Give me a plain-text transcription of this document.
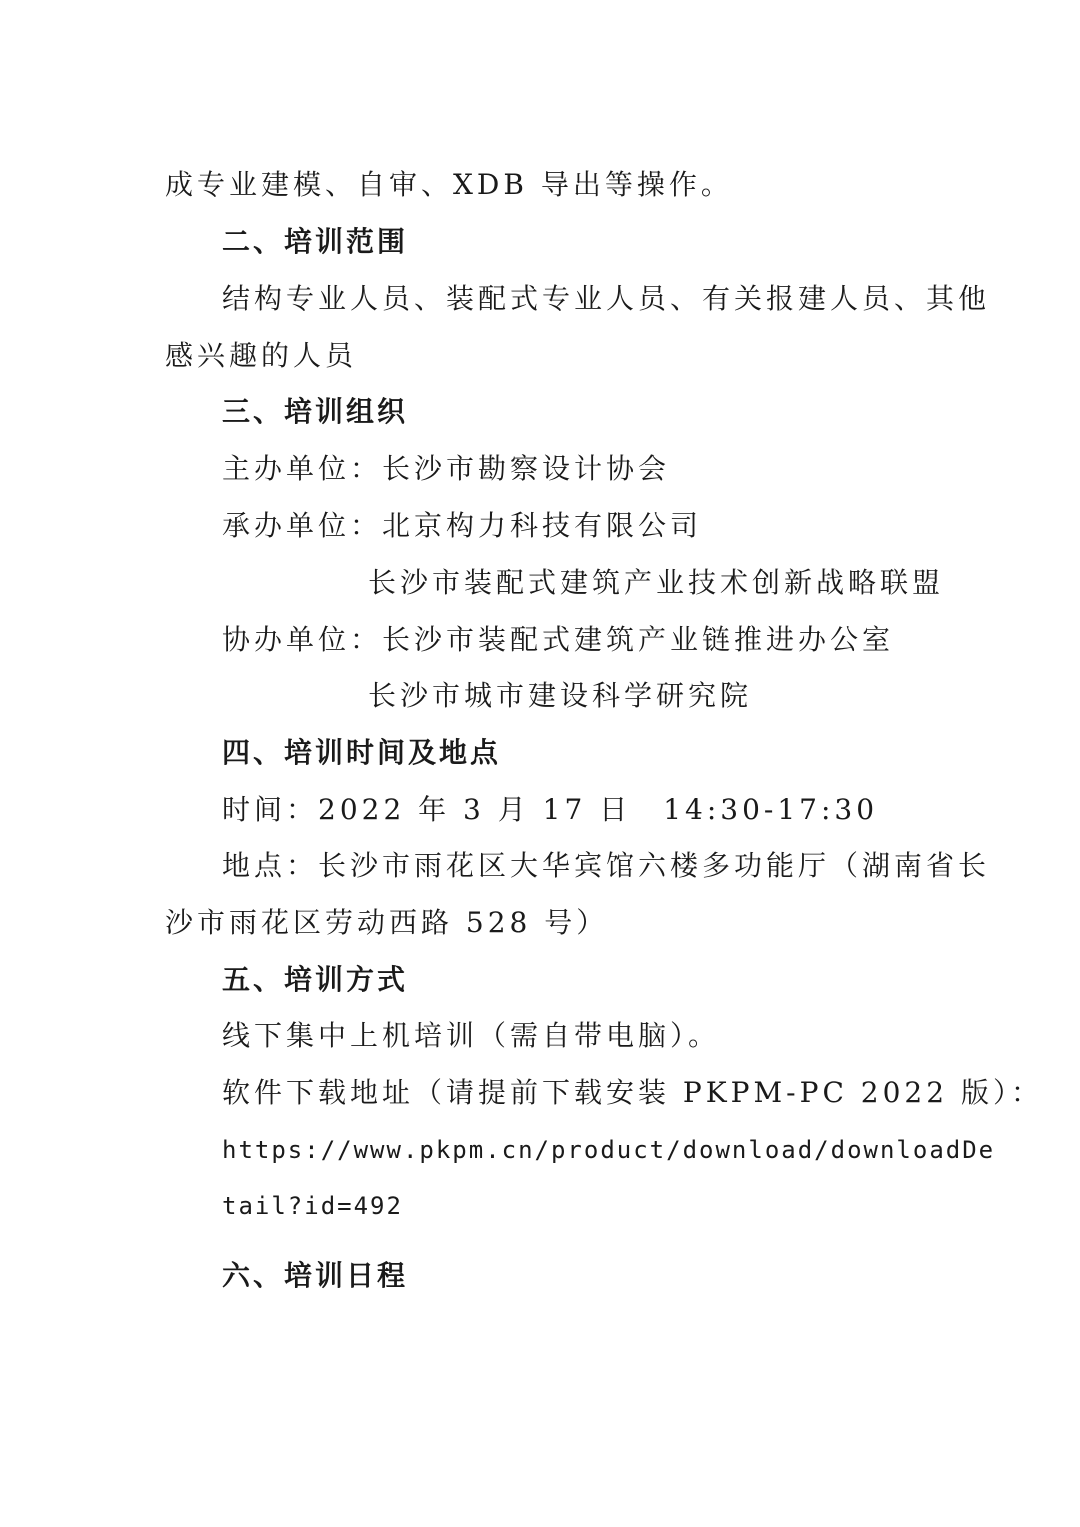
成专业建模、自审、XDB 导出等操作。
二、培训范围
结构专业人员、装配式专业人员、有关报建人员、其他
感兴趣的人员
三、培训组织
主办单位：长沙市勘察设计协会
承办单位：北京构力科技有限公司
长沙市装配式建筑产业技术创新战略联盟
协办单位：长沙市装配式建筑产业链推进办公室
长沙市城市建设科学研究院
四、培训时间及地点
时间：2022 年 3 月 17 日　14:30-17:30
地点：长沙市雨花区大华宾馆六楼多功能厅（湖南省长
沙市雨花区劳动西路 528 号）
五、培训方式
线下集中上机培训（需自带电脑）。
软件下载地址（请提前下载安装 PKPM-PC 2022 版）：
https://www.pkpm.cn/product/download/downloadDe
tail?id=492
六、培训日程
